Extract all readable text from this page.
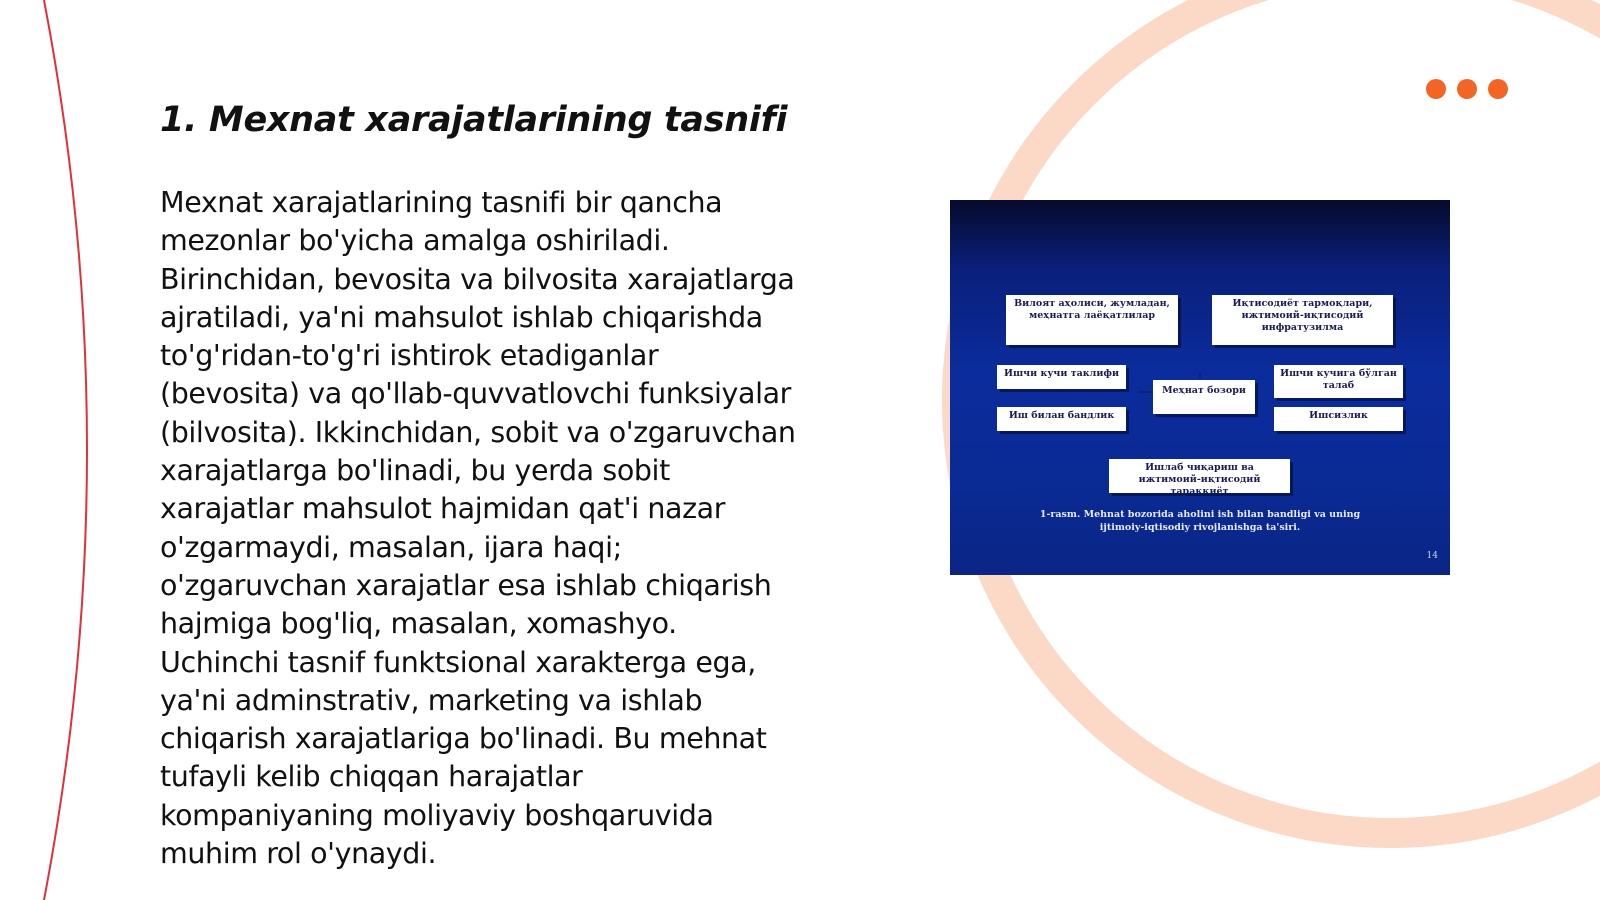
1. Mexnat xarajatlarining tasnifi
Mexnat xarajatlarining tasnifi bir qancha
mezonlar bo'yicha amalga oshiriladi.
Birinchidan, bevosita va bilvosita xarajatlarga
ajratiladi, ya'ni mahsulot ishlab chiqarishda
to'g'ridan-to'g'ri ishtirok etadiganlar
(bevosita) va qo'llab-quvvatlovchi funksiyalar
(bilvosita). Ikkinchidan, sobit va o'zgaruvchan
xarajatlarga bo'linadi, bu yerda sobit
xarajatlar mahsulot hajmidan qat'i nazar
o'zgarmaydi, masalan, ijara haqi;
o'zgaruvchan xarajatlar esa ishlab chiqarish
hajmiga bog'liq, masalan, xomashyo.
Uchinchi tasnif funktsional xarakterga ega,
ya'ni adminstrativ, marketing va ishlab
chiqarish xarajatlariga bo'linadi. Bu mehnat
tufayli kelib chiqqan harajatlar
kompaniyaning moliyaviy boshqaruvida
muhim rol o'ynaydi.
Вилоят аҳолиси, жумладан, меҳнатга лаёқатлилар
Иқтисодиёт тармоқлари, ижтимоий-иқтисодий инфратузилма
Ишчи кучи таклифи
Иш билан бандлик
Меҳнат бозори
Ишчи кучига бўлган талаб
Ишсизлик
Ишлаб чиқариш ва ижтимоий-иқтисодий тараққиёт
1-rasm. Mehnat bozorida aholini ish bilan bandligi va uning
ijtimoiy-iqtisodiy rivojlanishga ta'siri.
14
